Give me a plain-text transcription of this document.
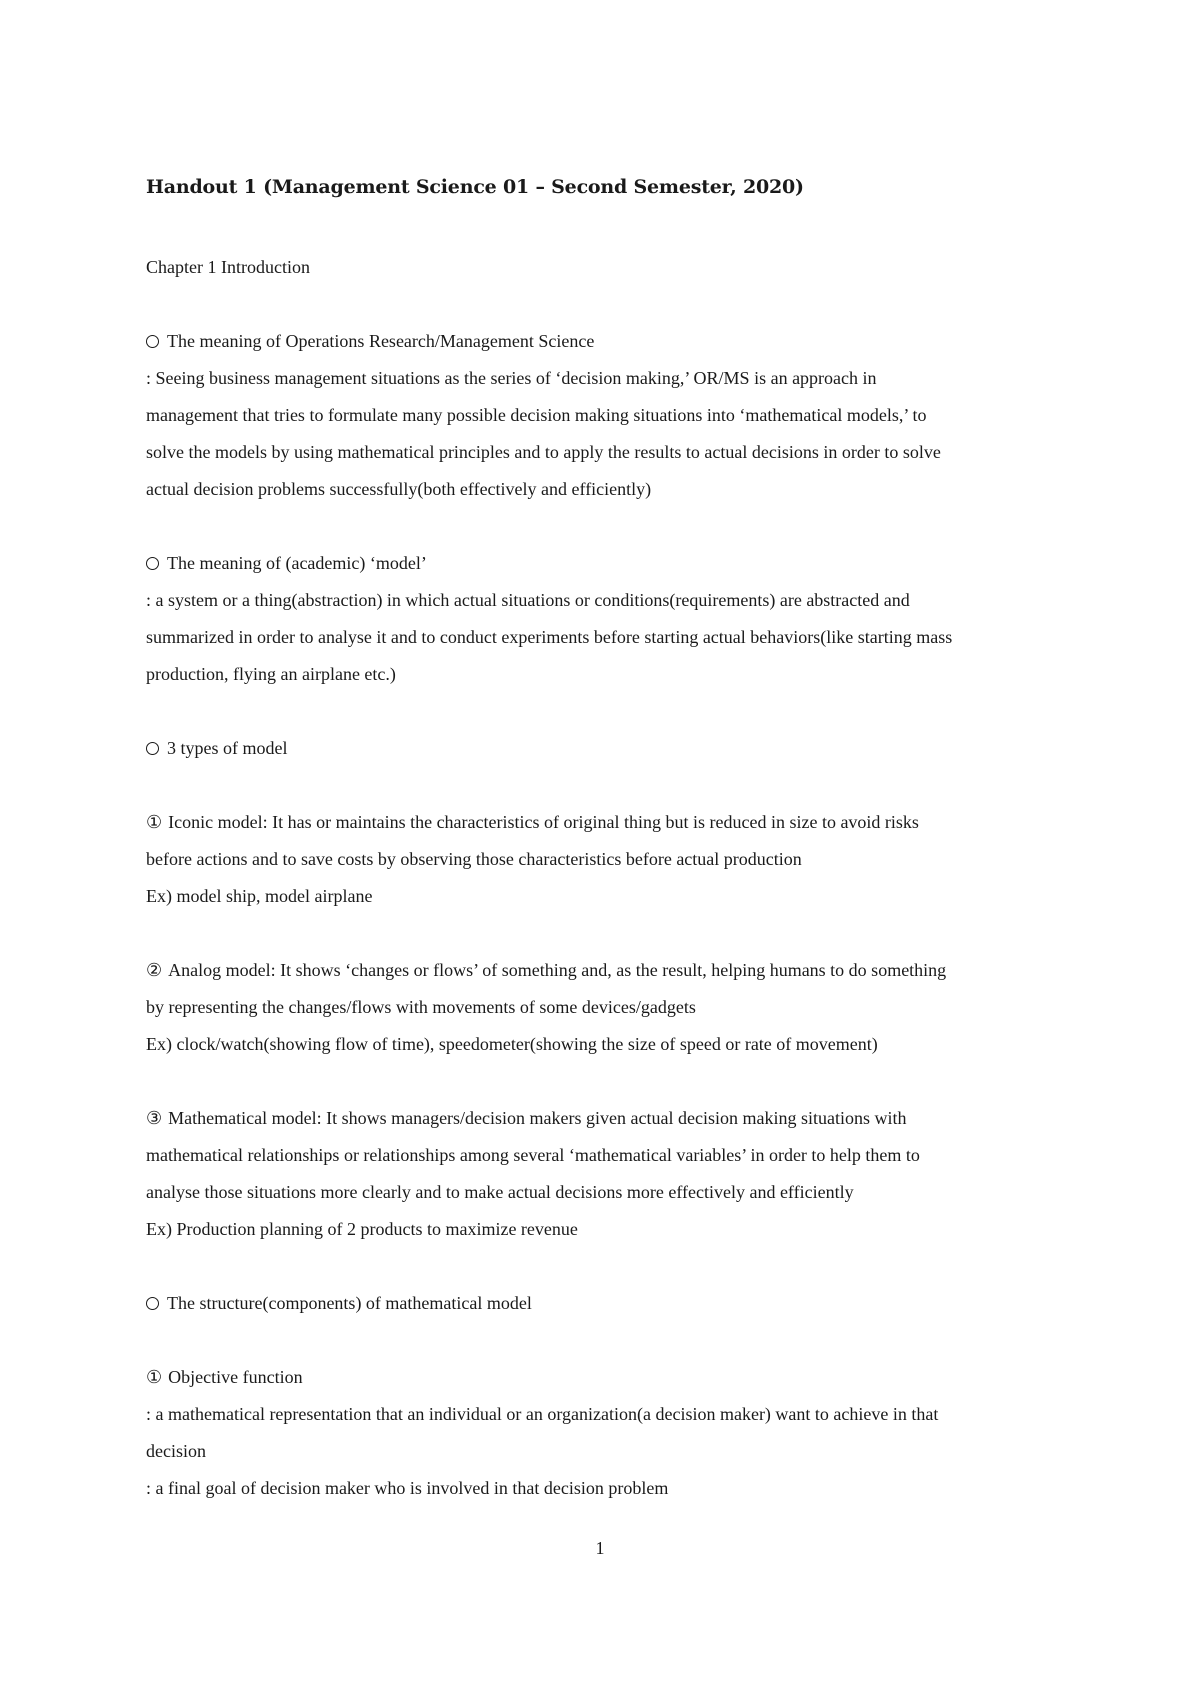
Handout 1 (Management Science 01 – Second Semester, 2020)

Chapter 1 Introduction

The meaning of Operations Research/Management Science

: Seeing business management situations as the series of ‘decision making,’ OR/MS is an approach in

management that tries to formulate many possible decision making situations into ‘mathematical models,’ to

solve the models by using mathematical principles and to apply the results to actual decisions in order to solve

actual decision problems successfully(both effectively and efficiently)

The meaning of (academic) ‘model’

: a system or a thing(abstraction) in which actual situations or conditions(requirements) are abstracted and

summarized in order to analyse it and to conduct experiments before starting actual behaviors(like starting mass

production, flying an airplane etc.)

3 types of model

① Iconic model: It has or maintains the characteristics of original thing but is reduced in size to avoid risks

before actions and to save costs by observing those characteristics before actual production

Ex) model ship, model airplane

② Analog model: It shows ‘changes or flows’ of something and, as the result, helping humans to do something

by representing the changes/flows with movements of some devices/gadgets

Ex) clock/watch(showing flow of time), speedometer(showing the size of speed or rate of movement)

③ Mathematical model: It shows managers/decision makers given actual decision making situations with

mathematical relationships or relationships among several ‘mathematical variables’ in order to help them to

analyse those situations more clearly and to make actual decisions more effectively and efficiently

Ex) Production planning of 2 products to maximize revenue

The structure(components) of mathematical model

① Objective function

: a mathematical representation that an individual or an organization(a decision maker) want to achieve in that

decision

: a final goal of decision maker who is involved in that decision problem

1
